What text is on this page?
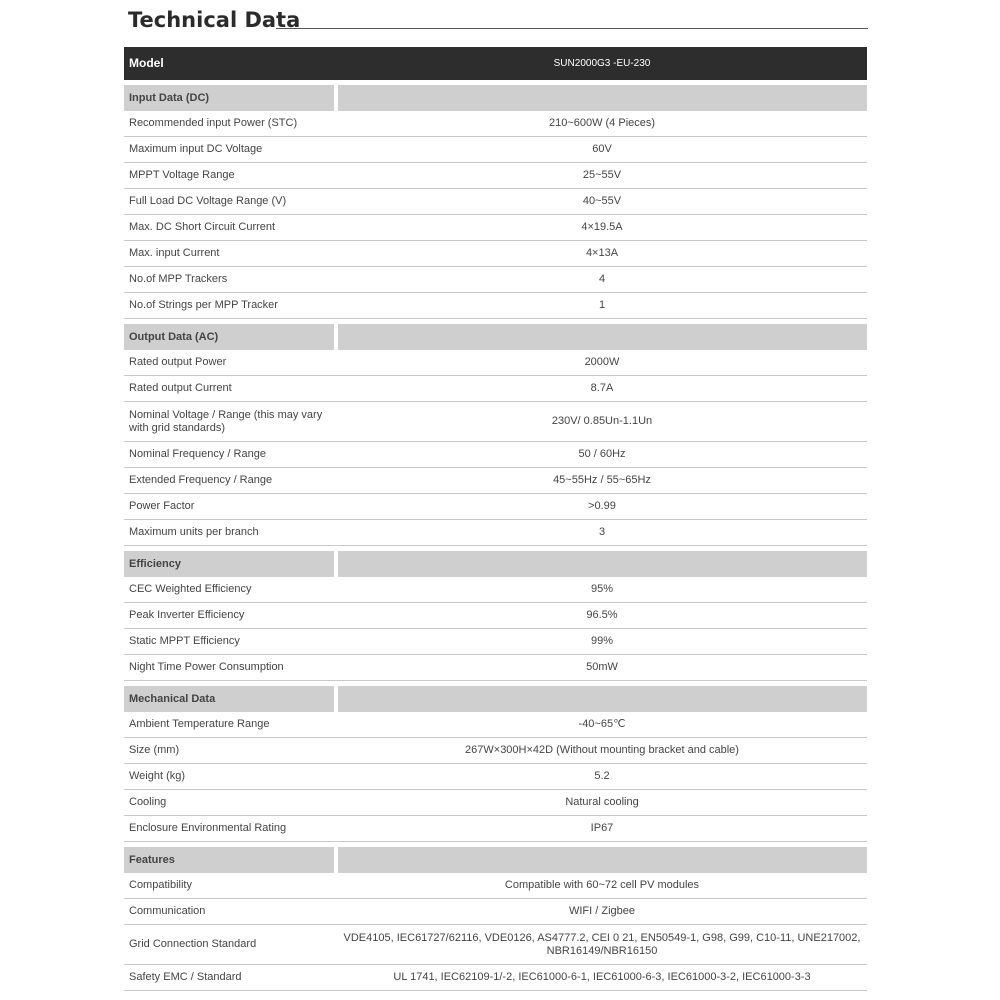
Technical Data
Model	SUN2000G3 -EU-230

Input Data (DC)	

Recommended input Power (STC)	210~600W (4 Pieces)
Maximum input DC Voltage	60V
MPPT Voltage Range	25~55V
Full Load DC Voltage Range (V)	40~55V
Max. DC Short Circuit Current	4×19.5A
Max. input Current	4×13A
No.of MPP Trackers	4
No.of Strings per MPP Tracker	1

Output Data (AC)	

Rated output Power	2000W
Rated output Current	8.7A
Nominal Voltage / Range (this may vary with grid standards)	230V/ 0.85Un-1.1Un
Nominal Frequency / Range	50 / 60Hz
Extended Frequency / Range	45~55Hz / 55~65Hz
Power Factor	>0.99
Maximum units per branch	3

Efficiency	

CEC Weighted Efficiency	95%
Peak Inverter Efficiency	96.5%
Static MPPT Efficiency	99%
Night Time Power Consumption	50mW

Mechanical Data	

Ambient Temperature Range	-40~65℃
Size (mm)	267W×300H×42D (Without mounting bracket and cable)
Weight (kg)	5.2
Cooling	Natural cooling
Enclosure Environmental Rating	IP67

Features	

Compatibility	Compatible with 60~72 cell PV modules
Communication	WIFI / Zigbee
Grid Connection Standard	VDE4105, IEC61727/62116, VDE0126, AS4777.2, CEI 0 21, EN50549-1, G98, G99, C10-11, UNE217002, NBR16149/NBR16150
Safety EMC / Standard	UL 1741, IEC62109-1/-2, IEC61000-6-1, IEC61000-6-3, IEC61000-3-2, IEC61000-3-3
